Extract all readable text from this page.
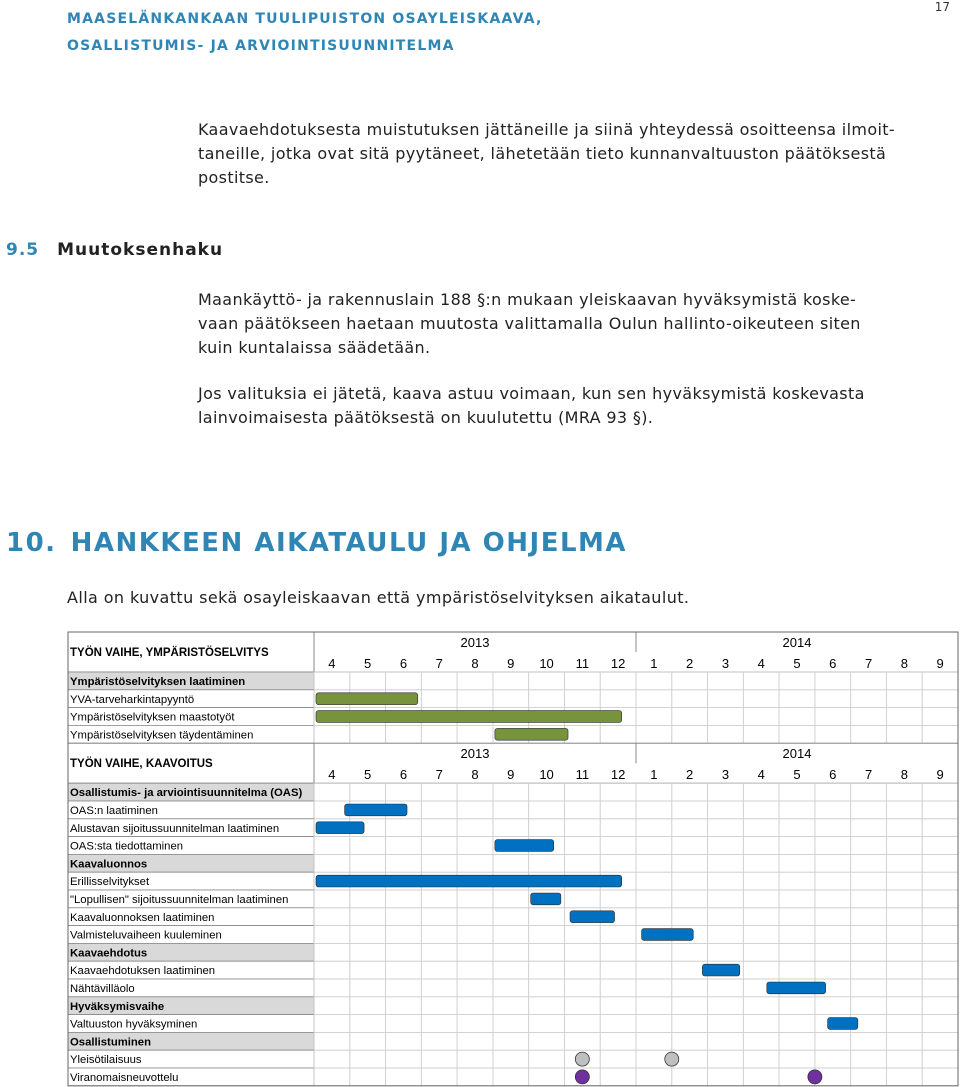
MAASELÄNKANKAAN TUULIPUISTON OSAYLEISKAAVA,
OSALLISTUMIS- JA ARVIOINTISUUNNITELMA
17
Kaavaehdotuksesta muistutuksen jättäneille ja siinä yhteydessä osoitteensa ilmoit-
taneille, jotka ovat sitä pyytäneet, lähetetään tieto kunnanvaltuuston päätöksestä
postitse.
9.5 Muutoksenhaku
Maankäyttö- ja rakennuslain 188 §:n mukaan yleiskaavan hyväksymistä koske-
vaan päätökseen haetaan muutosta valittamalla Oulun hallinto-oikeuteen siten
kuin kuntalaissa säädetään.
Jos valituksia ei jätetä, kaava astuu voimaan, kun sen hyväksymistä koskevasta
lainvoimaisesta päätöksestä on kuulutettu (MRA 93 §).
10. HANKKEEN AIKATAULU JA OHJELMA
Alla on kuvattu sekä osayleiskaavan että ympäristöselvityksen aikataulut.
TYÖN VAIHE, YMPÄRISTÖSELVITYS
2013	2014
4 5 6 7 8 9 10 11 12 1 2 3 4 5 6 7 8 9
Ympäristöselvityksen laatiminen
YVA-tarveharkintapyyntö
Ympäristöselvityksen maastotyöt
Ympäristöselvityksen täydentäminen
TYÖN VAIHE, KAAVOITUS
2013	2014
4 5 6 7 8 9 10 11 12 1 2 3 4 5 6 7 8 9
Osallistumis- ja arviointisuunnitelma (OAS)
OAS:n laatiminen
Alustavan sijoitussuunnitelman laatiminen
OAS:sta tiedottaminen
Kaavaluonnos
Erillisselvitykset
"Lopullisen" sijoitussuunnitelman laatiminen
Kaavaluonnoksen laatiminen
Valmisteluvaiheen kuuleminen
Kaavaehdotus
Kaavaehdotuksen laatiminen
Nähtävilläolo
Hyväksymisvaihe
Valtuuston hyväksyminen
Osallistuminen
Yleisötilaisuus
Viranomaisneuvottelu
